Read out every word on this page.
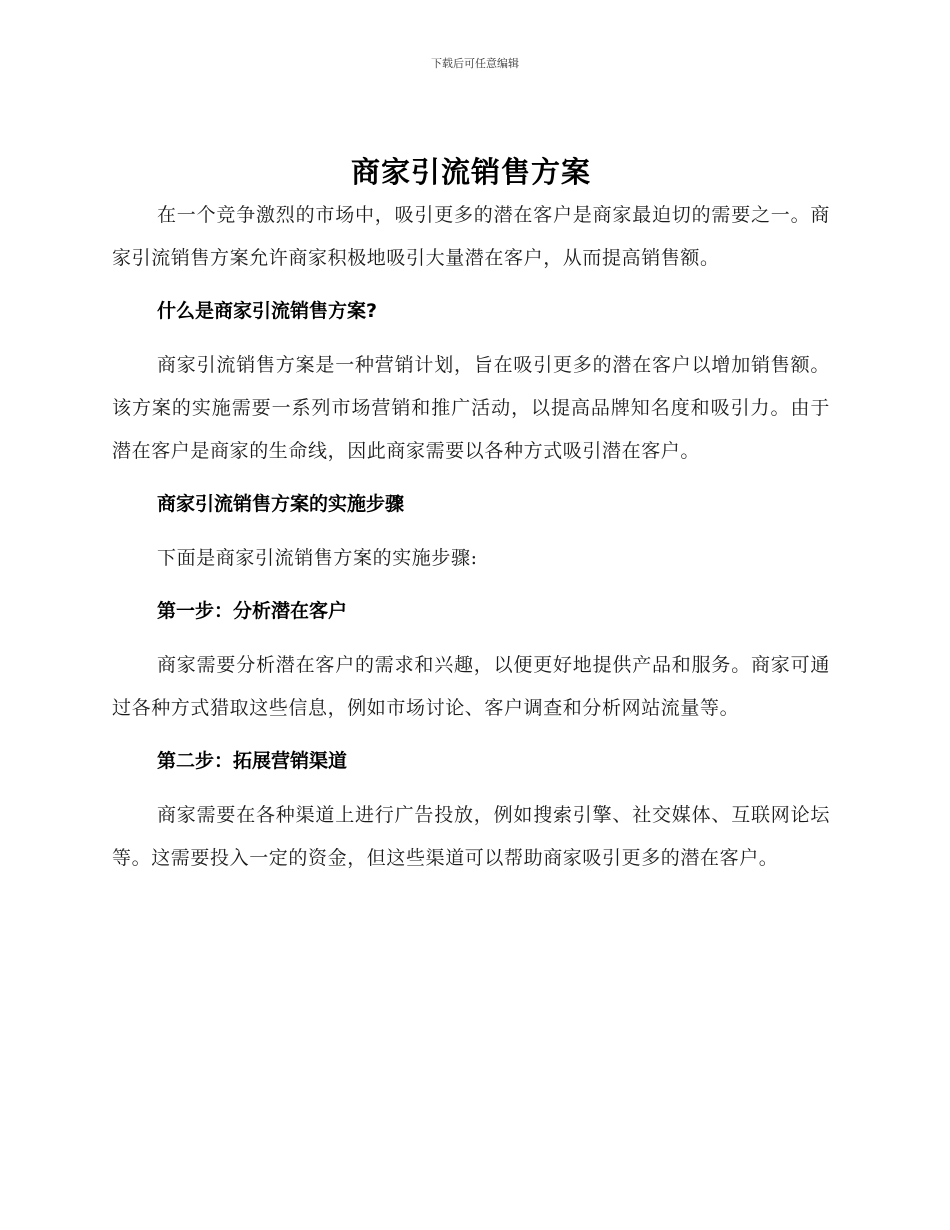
下载后可任意编辑
商家引流销售方案

在一个竞争激烈的市场中，吸引更多的潜在客户是商家最迫切的需要之一。商家引流销售方案允许商家积极地吸引大量潜在客户，从而提高销售额。

什么是商家引流销售方案?

商家引流销售方案是一种营销计划，旨在吸引更多的潜在客户以增加销售额。该方案的实施需要一系列市场营销和推广活动，以提高品牌知名度和吸引力。由于潜在客户是商家的生命线，因此商家需要以各种方式吸引潜在客户。

商家引流销售方案的实施步骤

下面是商家引流销售方案的实施步骤:

第一步：分析潜在客户

商家需要分析潜在客户的需求和兴趣，以便更好地提供产品和服务。商家可通过各种方式猎取这些信息，例如市场讨论、客户调查和分析网站流量等。

第二步：拓展营销渠道

商家需要在各种渠道上进行广告投放，例如搜索引擎、社交媒体、互联网论坛等。这需要投入一定的资金，但这些渠道可以帮助商家吸引更多的潜在客户。
